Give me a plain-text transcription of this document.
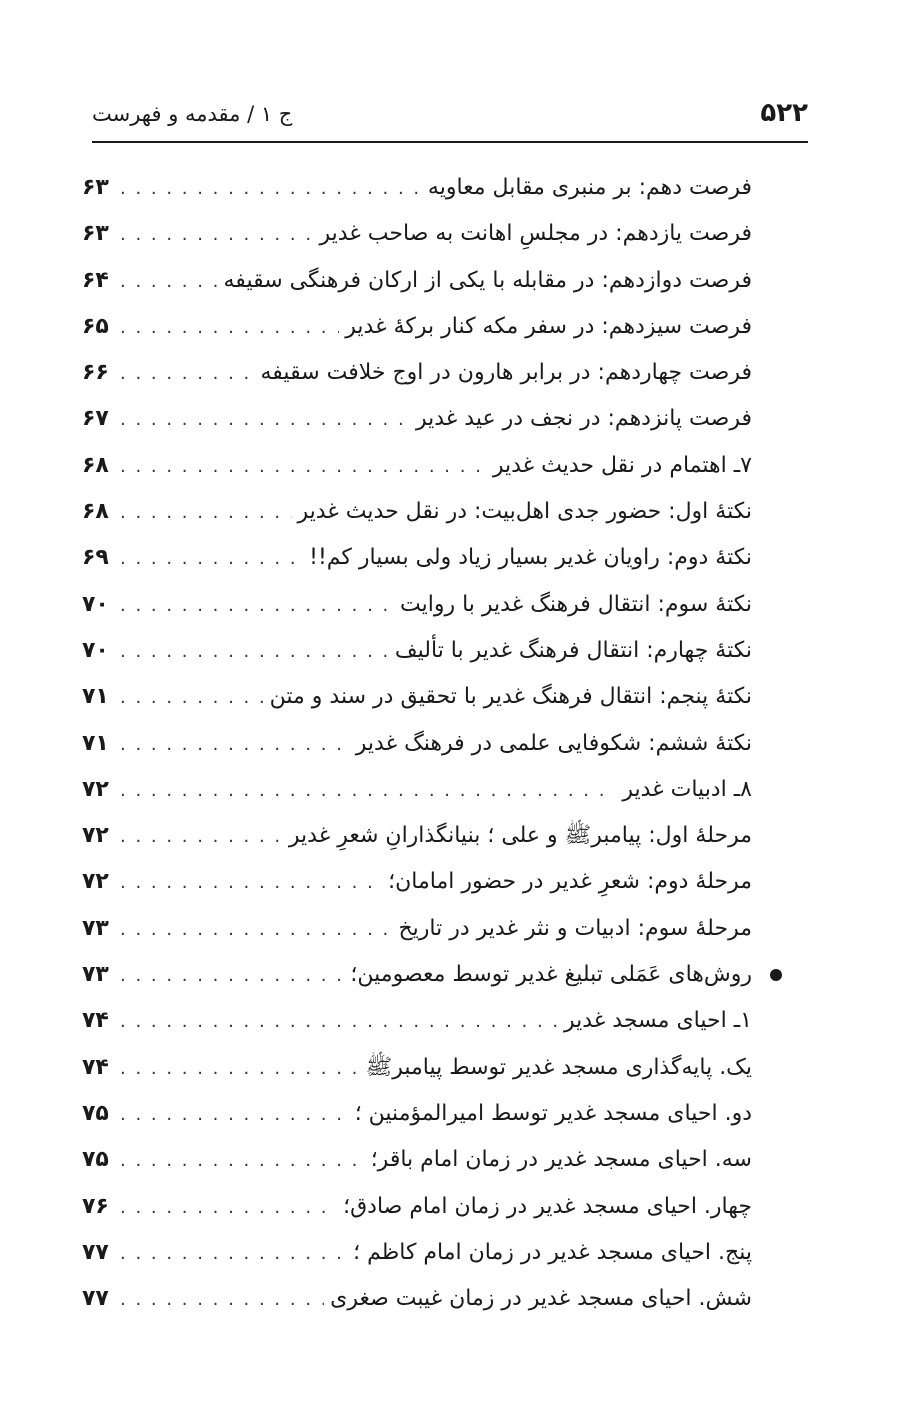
۵۲۲
ج ۱ / مقدمه و فهرست
فرصت دهم: بر منبری مقابل معاویه
. . .
۶۳
فرصت یازدهم: در مجلسِ اهانت به صاحب غدیر
. . .
۶۳
فرصت دوازدهم: در مقابله با یکی از ارکان فرهنگی سقیفه
. . .
۶۴
فرصت سیزدهم: در سفر مکه کنار برکهٔ غدیر
. . .
۶۵
فرصت چهاردهم: در برابر هارون در اوج خلافت سقیفه
. . .
۶۶
فرصت پانزدهم: در نجف در عید غدیر
. . .
۶۷
۷ـ اهتمام در نقل حدیث غدیر
. . .
۶۸
نکتهٔ اول: حضور جدی اهل‌بیت: در نقل حدیث غدیر
. . .
۶۸
نکتهٔ دوم: راویان غدیر بسیار زیاد ولی بسیار کم!!
. . .
۶۹
نکتهٔ سوم: انتقال فرهنگ غدیر با روایت
. . .
۷۰
نکتهٔ چهارم: انتقال فرهنگ غدیر با تألیف
. . .
۷۰
نکتهٔ پنجم: انتقال فرهنگ غدیر با تحقیق در سند و متن
. . .
۷۱
نکتهٔ ششم: شکوفایی علمی در فرهنگ غدیر
. . .
۷۱
۸ـ ادبیات غدیر
. . .
۷۲
مرحلهٔ اول: پیامبرﷺ و علی ؛ بنیانگذارانِ شعرِ غدیر
. . .
۷۲
مرحلهٔ دوم: شعرِ غدیر در حضور امامان؛
. . .
۷۲
مرحلهٔ سوم: ادبیات و نثر غدیر در تاریخ
. . .
۷۳
روش‌های عَمَلی تبلیغ غدیر توسط معصومین؛
. . .
۷۳
۱ـ احیای مسجد غدیر
. . .
۷۴
یک. پایه‌گذاری مسجد غدیر توسط پیامبرﷺ
. . .
۷۴
دو. احیای مسجد غدیر توسط امیرالمؤمنین ؛
. . .
۷۵
سه. احیای مسجد غدیر در زمان امام باقر؛
. . .
۷۵
چهار. احیای مسجد غدیر در زمان امام صادق؛
. . .
۷۶
پنج. احیای مسجد غدیر در زمان امام کاظم ؛
. . .
۷۷
شش. احیای مسجد غدیر در زمان غیبت صغری
. . .
۷۷
